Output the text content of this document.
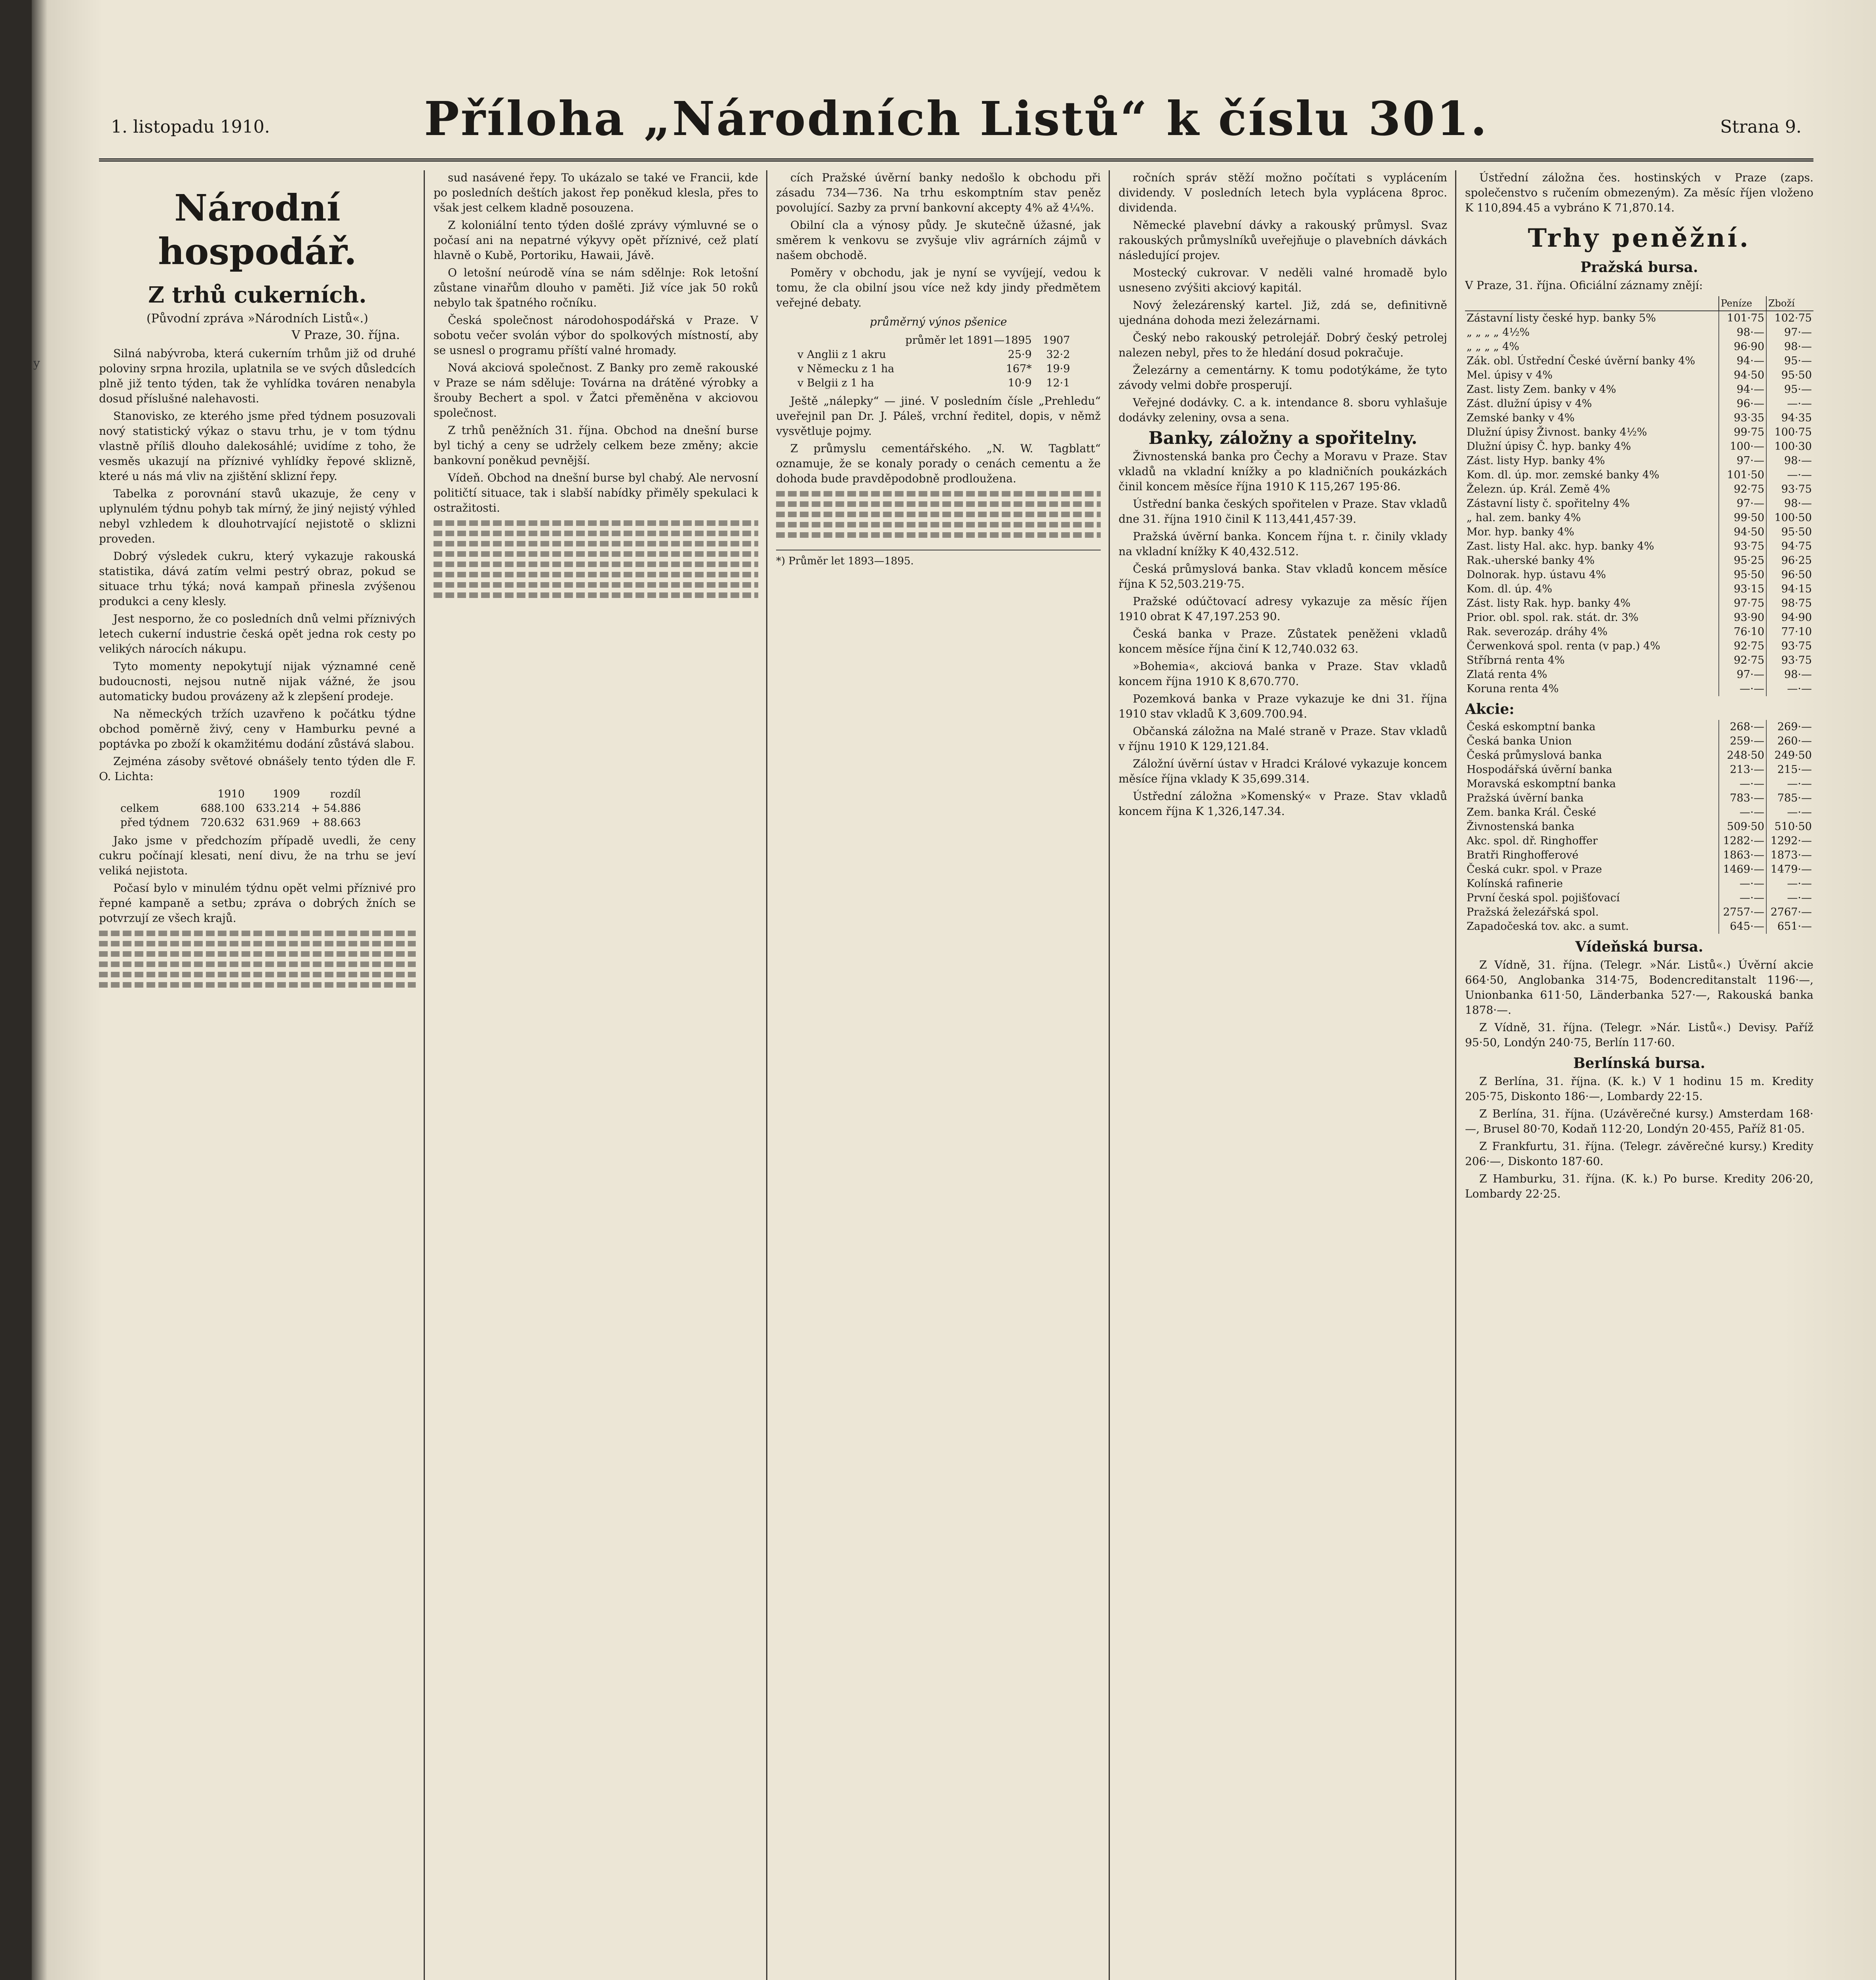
y
1. listopadu 1910.	Příloha „Národních Listů“ k číslu 301.	Strana 9.
Národní hospodář.
Z trhů cukerních.
(Původní zpráva »Národních Listů«.)
V Praze, 30. října.

Silná nabývroba, která cukerním trhům již od druhé poloviny srpna hrozila, uplatnila se ve svých důsledcích plně již tento týden, tak že vyhlídka továren nenabyla dosud příslušné nalehavosti.

Stanovisko, ze kterého jsme před týdnem posuzovali nový statistický výkaz o stavu trhu, je v tom týdnu vlastně příliš dlouho dalekosáhlé; uvidíme z toho, že vesměs ukazují na příznivé vyhlídky řepové sklizně, které u nás má vliv na zjištění sklizní řepy.

Tabelka z porovnání stavů ukazuje, že ceny v uplynulém týdnu pohyb tak mírný, že jiný nejistý výhled nebyl vzhledem k dlouhotrvající nejistotě o sklizni proveden.

Dobrý výsledek cukru, který vykazuje rakouská statistika, dává zatím velmi pestrý obraz, pokud se situace trhu týká; nová kampaň přinesla zvýšenou produkci a ceny klesly.

Jest nesporno, že co posledních dnů velmi příznivých letech cukerní industrie česká opět jedna rok cesty po velikých nárocích nákupu.

Tyto momenty nepokytují nijak významné ceně budoucnosti, nejsou nutně nijak vážné, že jsou automaticky budou provázeny až k zlepšení prodeje.

Na německých tržích uzavřeno k počátku týdne obchod poměrně živý, ceny v Hamburku pevné a poptávka po zboží k okamžitému dodání zůstává slabou.

Zejména zásoby světové obnášely tento týden dle F. O. Lichta:

	1910	1909	rozdíl
celkem	688.100	633.214	+ 54.886
před týdnem	720.632	631.969	+ 88.663

Jako jsme v předchozím případě uvedli, že ceny cukru počínají klesati, není divu, že na trhu se jeví veliká nejistota.

Počasí bylo v minulém týdnu opět velmi příznivé pro řepné kampaně a setbu; zpráva o dobrých žních se potvrzují ze všech krajů.

sud nasávené řepy. To ukázalo se také ve Francii, kde po posledních deštích jakost řep poněkud klesla, přes to však jest celkem kladně posouzena.

Z koloniální tento týden došlé zprávy výmluvné se o počasí ani na nepatrné výkyvy opět příznivé, cež platí hlavně o Kubě, Portoriku, Hawaii, Jávě.

O letošní neúrodě vína se nám sdělnje: Rok letošní zůstane vinařům dlouho v paměti. Již více jak 50 roků nebylo tak špatného ročníku.

Česká společnost národohospodářská v Praze. V sobotu večer svolán výbor do spolkových místností, aby se usnesl o programu příští valné hromady.

Nová akciová společnost. Z Banky pro země rakouské v Praze se nám sděluje: Továrna na drátěné výrobky a šrouby Bechert a spol. v Žatci přeměněna v akciovou společnost.

Z trhů peněžních 31. října. Obchod na dnešní burse byl tichý a ceny se udržely celkem beze změny; akcie bankovní poněkud pevnější.

Vídeň. Obchod na dnešní burse byl chabý. Ale nervosní političtí situace, tak i slabší nabídky přiměly spekulaci k ostražitosti.

cích Pražské úvěrní banky nedošlo k obchodu při zásadu 734—736. Na trhu eskomptním stav peněz povolující. Sazby za první bankovní akcepty 4% až 4¼%.

Obilní cla a výnosy půdy. Je skutečně úžasné, jak směrem k venkovu se zvyšuje vliv agrárních zájmů v našem obchodě.

Poměry v obchodu, jak je nyní se vyvíjejí, vedou k tomu, že cla obilní jsou více než kdy jindy předmětem veřejné debaty.

průměrný výnos pšenice
	průměr let 1891—1895	1907
v Anglii z 1 akru	25·9	32·2
v Německu z 1 ha	167*	19·9
v Belgii z 1 ha	10·9	12·1

Ještě „nálepky“ — jiné. V posledním čísle „Prehledu“ uveřejnil pan Dr. J. Páleš, vrchní ředitel, dopis, v němž vysvětluje pojmy.

Z průmyslu cementářského. „N. W. Tagblatt“ oznamuje, že se konaly porady o cenách cementu a že dohoda bude pravděpodobně prodloužena.

*) Průměr let 1893—1895.

ročních správ stěží možno počítati s vyplácením dividendy. V posledních letech byla vyplácena 8proc. dividenda.

Německé plavební dávky a rakouský průmysl. Svaz rakouských průmyslníků uveřejňuje o plavebních dávkách následující projev.

Mostecký cukrovar. V neděli valné hromadě bylo usneseno zvýšiti akciový kapitál.

Nový železárenský kartel. Již, zdá se, definitivně ujednána dohoda mezi železárnami.

Český nebo rakouský petrolejář. Dobrý český petrolej nalezen nebyl, přes to že hledání dosud pokračuje.

Železárny a cementárny. K tomu podotýkáme, že tyto závody velmi dobře prosperují.

Veřejné dodávky. C. a k. intendance 8. sboru vyhlašuje dodávky zeleniny, ovsa a sena.

Banky, záložny a spořitelny.

Živnostenská banka pro Čechy a Moravu v Praze. Stav vkladů na vkladní knížky a po kladničních poukázkách činil koncem měsíce října 1910 K 115,267 195·86.

Ústřední banka českých spořitelen v Praze. Stav vkladů dne 31. října 1910 činil K 113,441,457·39.

Pražská úvěrní banka. Koncem října t. r. činily vklady na vkladní knížky K 40,432.512.

Česká průmyslová banka. Stav vkladů koncem měsíce října K 52,503.219·75.

Pražské odúčtovací adresy vykazuje za měsíc říjen 1910 obrat K 47,197.253 90.

Česká banka v Praze. Zůstatek peněženi vkladů koncem měsíce října činí K 12,740.032 63.

»Bohemia«, akciová banka v Praze. Stav vkladů koncem října 1910 K 8,670.770.

Pozemková banka v Praze vykazuje ke dni 31. října 1910 stav vkladů K 3,609.700.94.

Občanská záložna na Malé straně v Praze. Stav vkladů v říjnu 1910 K 129,121.84.

Záložní úvěrní ústav v Hradci Králové vykazuje koncem měsíce října vklady K 35,699.314.

Ústřední záložna »Komenský« v Praze. Stav vkladů koncem října K 1,326,147.34.

Ústřední záložna čes. hostinských v Praze (zaps. společenstvo s ručením obmezeným). Za měsíc říjen vloženo K 110,894.45 a vybráno K 71,870.14.

Trhy peněžní.
Pražská bursa.
V Praze, 31. října. Oficiální záznamy znějí:
	Peníze	Zboží
Zástavní listy české hyp. banky 5%	101·75	102·75
„ „ „ „ 4½%	98·—	97·—
„ „ „ „ 4%	96·90	98·—
Zák. obl. Ústřední České úvěrní banky 4%	94·—	95·—
Mel. úpisy v 4%	94·50	95·50
Zast. listy Zem. banky v 4%	94·—	95·—
Zást. dlužní úpisy v 4%	96·—	—·—
Zemské banky v 4%	93·35	94·35
Dlužní úpisy Živnost. banky 4½%	99·75	100·75
Dlužní úpisy Č. hyp. banky 4%	100·—	100·30
Zást. listy Hyp. banky 4%	97·—	98·—
Kom. dl. úp. mor. zemské banky 4%	101·50	—·—
Železn. úp. Král. Země 4%	92·75	93·75
Zástavní listy č. spořitelny 4%	97·—	98·—
„ hal. zem. banky 4%	99·50	100·50
Mor. hyp. banky 4%	94·50	95·50
Zast. listy Hal. akc. hyp. banky 4%	93·75	94·75
Rak.-uherské banky 4%	95·25	96·25
Dolnorak. hyp. ústavu 4%	95·50	96·50
Kom. dl. úp. 4%	93·15	94·15
Zást. listy Rak. hyp. banky 4%	97·75	98·75
Prior. obl. spol. rak. stát. dr. 3%	93·90	94·90
Rak. severozáp. dráhy 4%	76·10	77·10
Čerwenková spol. renta (v pap.) 4%	92·75	93·75
Stříbrná renta 4%	92·75	93·75
Zlatá renta 4%	97·—	98·—
Koruna renta 4%	—·—	—·—
Akcie:
Česká eskomptní banka	268·—	269·—
Česká banka Union	259·—	260·—
Česká průmyslová banka	248·50	249·50
Hospodářská úvěrní banka	213·—	215·—
Moravská eskomptní banka	—·—	—·—
Pražská úvěrní banka	783·—	785·—
Zem. banka Král. České	—·—	—·—
Živnostenská banka	509·50	510·50
Akc. spol. dř. Ringhoffer	1282·—	1292·—
Bratři Ringhofferové	1863·—	1873·—
Česká cukr. spol. v Praze	1469·—	1479·—
Kolínská rafinerie	—·—	—·—
První česká spol. pojišťovací	—·—	—·—
Pražská železářská spol.	2757·—	2767·—
Zapadočeská tov. akc. a sumt.	645·—	651·—
Vídeňská bursa.

Z Vídně, 31. října. (Telegr. »Nár. Listů«.) Úvěrní akcie 664·50, Anglobanka 314·75, Bodencreditanstalt 1196·—, Unionbanka 611·50, Länderbanka 527·—, Rakouská banka 1878·—.

Z Vídně, 31. října. (Telegr. »Nár. Listů«.) Devisy. Paříž 95·50, Londýn 240·75, Berlín 117·60.

Berlínská bursa.

Z Berlína, 31. října. (K. k.) V 1 hodinu 15 m. Kredity 205·75, Diskonto 186·—, Lombardy 22·15.

Z Berlína, 31. října. (Uzávěrečné kursy.) Amsterdam 168·—, Brusel 80·70, Kodaň 112·20, Londýn 20·455, Paříž 81·05.

Z Frankfurtu, 31. října. (Telegr. závěrečné kursy.) Kredity 206·—, Diskonto 187·60.

Z Hamburku, 31. října. (K. k.) Po burse. Kredity 206·20, Lombardy 22·25.
